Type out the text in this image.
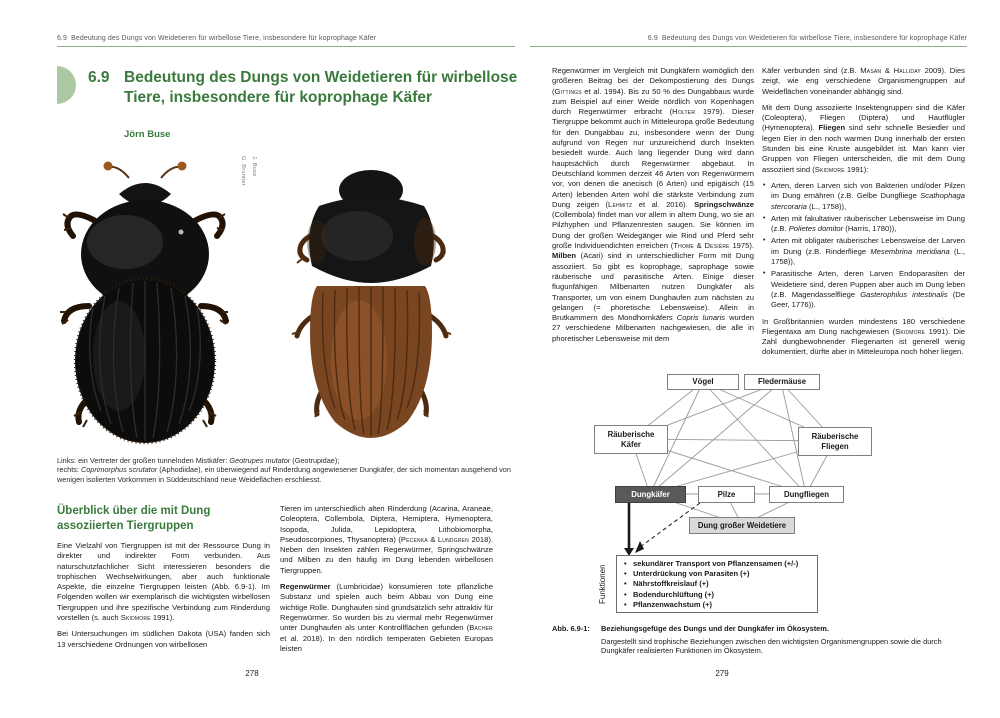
6.9  Bedeutung des Dungs von Weidetieren für wirbellose Tiere, insbesondere für koprophage Käfer
6.9 Bedeutung des Dungs von Weidetieren für wirbellose Tiere, insbesondere für koprophage Käfer
Jörn Buse
G. Brunner J. Buse
Links: ein Vertreter der großen tunnelnden Mistkäfer: Geotrupes mutator (Geotrupidae);
rechts: Coprimorphus scrutator (Aphodiidae), ein überwiegend auf Rinderdung angewiesener Dungkäfer, der sich momentan ausgehend von wenigen isolierten Vorkommen in Süddeutschland neue Weideflächen erschliesst.
Überblick über die mit Dung assoziierten Tiergruppen

Eine Vielzahl von Tiergruppen ist mit der Ressource Dung in direkter und indirekter Form verbunden. Aus naturschutzfachlicher Sicht interessieren besonders die trophischen Wechselwirkungen, aber auch funktionale Aspekte, die einzelne Tiergruppen leisten (Abb. 6.9-1). Im Folgenden wollen wir exemplarisch die wichtigsten wirbellosen Tiergruppen und ihre spezifische Verbindung zum Rinderdung vorstellen (s. auch Skidmore 1991).

Bei Untersuchungen im südlichen Dakota (USA) fanden sich 13 verschiedene Ordnungen von wirbellosen

Tieren im unterschiedlich alten Rinderdung (Acarina, Araneae, Coleoptera, Collembola, Diptera, Hemiptera, Hymenoptera, Isopoda, Julida, Lepidoptera, Lithobiomorpha, Pseudoscorpiones, Thysanoptera) (Pecenka & Lundgren 2018). Neben den Insekten zählen Regenwürmer, Springschwänze und Milben zu den häufig im Dung lebenden wirbellosen Tiergruppen.

Regenwürmer (Lumbricidae) konsumieren tote pflanzliche Substanz und spielen auch beim Abbau von Dung eine wichtige Rolle. Dunghaufen sind grundsätzlich sehr attraktiv für Regenwürmer. So wurden bis zu viermal mehr Regenwürmer unter Dunghaufen als unter Kontrollflächen gefunden (Bacher et al. 2018). In den nördlich temperaten Gebieten Europas leisten

278
6.9  Bedeutung des Dungs von Weidetieren für wirbellose Tiere, insbesondere für koprophage Käfer

Regenwürmer im Vergleich mit Dungkäfern womöglich den größeren Beitrag bei der Dekompostierung des Dungs (Gittings et al. 1994). Bis zu 50 % des Dungabbaus wurde zum Beispiel auf einer Weide nördlich von Kopenhagen durch Regenwürmer erbracht (Holter 1979). Dieser Tiergruppe bekommt auch in Mitteleuropa große Bedeutung für den Dungabbau zu, insbesondere wenn der Dung aufgrund von Regen nur unzureichend durch Insekten besiedelt wurde. Auch lang liegender Dung wird dann hauptsächlich durch Regenwürmer abgebaut. In Deutschland kommen derzeit 46 Arten von Regenwürmern vor, von denen die anecisch (6 Arten) und epigäisch (15 Arten) lebenden Arten wohl die stärkste Verbindung zum Dung zeigen (Lehmitz et al. 2016). Springschwänze (Collembola) findet man vor allem in altem Dung, wo sie an Pilzhyphen und Pflanzenresten saugen. Sie können im Dung der großen Weidegänger wie Rind und Pferd sehr große Individuendichten erreichen (Thome & Desière 1975). Milben (Acari) sind in unterschiedlicher Form mit Dung assoziiert. So gibt es koprophage, saprophage sowie räuberische und parasitische Arten. Einige dieser flugunfähigen Milbenarten nutzen Dungkäfer als Transporter, um von einem Dunghaufen zum nächsten zu gelangen (= phoretische Lebensweise). Allein in Brutkammern des Mondhornkäfers Copris lunaris wurden 27 verschiedene Milbenarten nachgewiesen, die alle in phoretischer Lebensweise mit dem

Käfer verbunden sind (z.B. Masan & Halliday 2009). Dies zeigt, wie eng verschiedene Organismengruppen auf Weideflächen voneinander abhängig sind.

Mit dem Dung assoziierte Insektengruppen sind die Käfer (Coleoptera), Fliegen (Diptera) und Hautflügler (Hymenoptera). Fliegen sind sehr schnelle Besiedler und legen Eier in den noch warmen Dung innerhalb der ersten Stunden bis eine Kruste ausgebildet ist. Man kann vier Gruppen von Fliegen unterscheiden, die mit dem Dung assoziiert sind (Skidmore 1991):

• Arten, deren Larven sich von Bakterien und/oder Pilzen im Dung ernähren (z.B. Gelbe Dungfliege Scathophaga stercoraria (L., 1758)),
• Arten mit fakultativer räuberischer Lebensweise im Dung (z.B. Polietes domitor (Harris, 1780)),
• Arten mit obligater räuberischer Lebensweise der Larven im Dung (z.B. Rinderfliege Mesembrina meridiana (L., 1758)),
• Parasitische Arten, deren Larven Endoparasiten der Weidetiere sind, deren Puppen aber auch im Dung leben (z.B. Magendasselfliege Gasterophilus intestinalis (De Geer, 1776)).

In Großbritannien wurden mindestens 180 verschiedene Fliegentaxa am Dung nachgewiesen (Skidmore 1991). Die Zahl dungbewohnender Fliegenarten ist generell wenig dokumentiert, dürfte aber in Mitteleuropa noch höher liegen.

Vögel	Fledermäuse
Räuberische Käfer
Räuberische Fliegen
Dungkäfer	Pilze	Dungfliegen
Dung großer Weidetiere
Funktionen
• sekundärer Transport von Pflanzensamen (+/-)
• Unterdrückung von Parasiten (+)
• Nährstoffkreislauf (+)
• Bodendurchlüftung (+)
• Pflanzenwachstum (+)
Abb. 6.9-1:	Beziehungsgefüge des Dungs und der Dungkäfer im Ökosystem.

Dargestellt sind trophische Beziehungen zwischen den wichtigsten Organismengruppen sowie die durch Dungkäfer realisierten Funktionen im Ökosystem.

279
